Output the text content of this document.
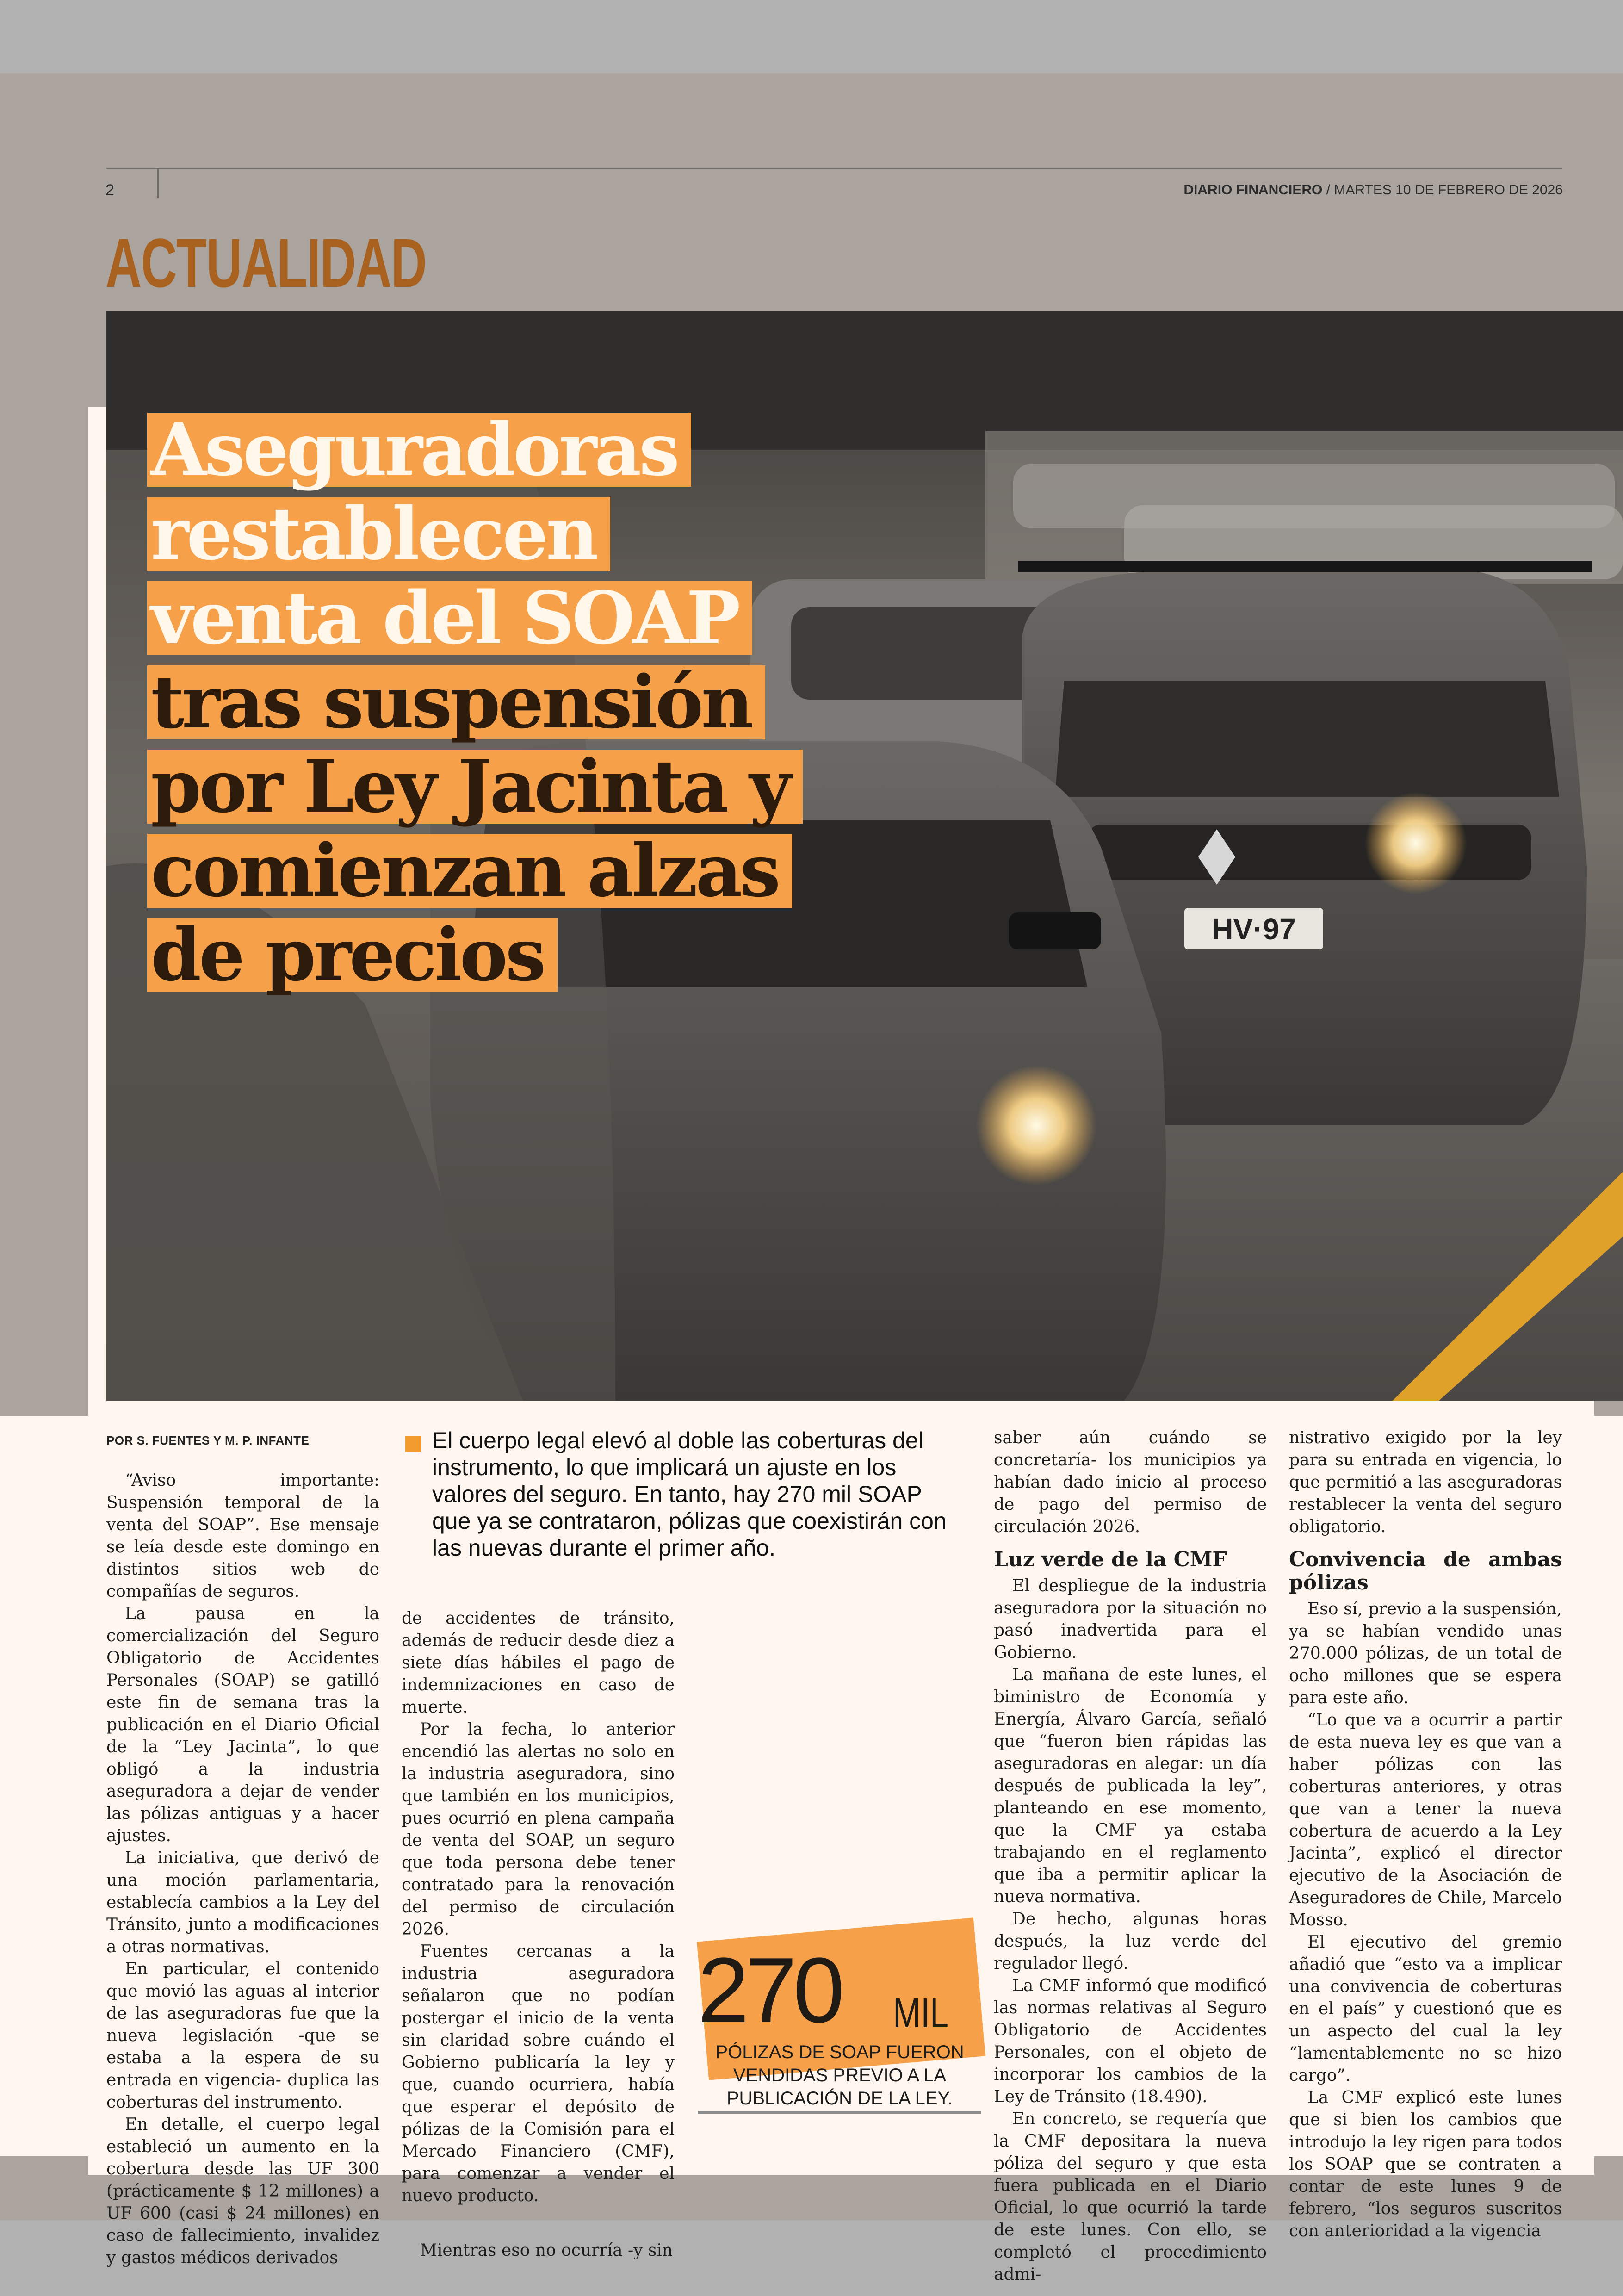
2	DIARIO FINANCIERO / MARTES 10 DE FEBRERO DE 2026
ACTUALIDAD
HV·97
Aseguradoras
restablecen
venta del SOAP
tras suspensión
por Ley Jacinta y
comienzan alzas
de precios
POR S. FUENTES Y M. P. INFANTE	El cuerpo legal elevó al doble las coberturas del instrumento, lo que implicará un ajuste en los valores del seguro. En tanto, hay 270 mil SOAP que ya se contrataron, pólizas que coexistirán con las nuevas durante el primer año.

“Aviso importante: Suspensión temporal de la venta del SOAP”. Ese mensaje se leía desde este domingo en distintos sitios web de compañías de seguros.

La pausa en la comercialización del Seguro Obligatorio de Accidentes Personales (SOAP) se gatilló este fin de semana tras la publicación en el Diario Oficial de la “Ley Jacinta”, lo que obligó a la industria aseguradora a dejar de vender las pólizas antiguas y a hacer ajustes.

La iniciativa, que derivó de una moción parlamentaria, establecía cambios a la Ley del Tránsito, junto a modificaciones a otras normativas.

En particular, el contenido que movió las aguas al interior de las aseguradoras fue que la nueva legislación -que se estaba a la espera de su entrada en vigencia- duplica las coberturas del instrumento.

En detalle, el cuerpo legal estableció un aumento en la cobertura desde las UF 300 (prácticamente $ 12 millones) a UF 600 (casi $ 24 millones) en caso de fallecimiento, invalidez y gastos médicos derivados

de accidentes de tránsito, además de reducir desde diez a siete días hábiles el pago de indemnizaciones en caso de muerte.

Por la fecha, lo anterior encendió las alertas no solo en la industria aseguradora, sino que también en los municipios, pues ocurrió en plena campaña de venta del SOAP, un seguro que toda persona debe tener contratado para la renovación del permiso de circulación 2026.

Fuentes cercanas a la industria aseguradora señalaron que no podían postergar el inicio de la venta sin claridad sobre cuándo el Gobierno publicaría la ley y que, cuando ocurriera, había que esperar el depósito de pólizas de la Comisión para el Mercado Financiero (CMF), para comenzar a vender el nuevo producto.

Mientras eso no ocurría -y sin

saber aún cuándo se concretaría- los municipios ya habían dado inicio al proceso de pago del permiso de circulación 2026.

Luz verde de la CMF

El despliegue de la industria aseguradora por la situación no pasó inadvertida para el Gobierno.

La mañana de este lunes, el biministro de Economía y Energía, Álvaro García, señaló que “fueron bien rápidas las aseguradoras en alegar: un día después de publicada la ley”, planteando en ese momento, que la CMF ya estaba trabajando en el reglamento que iba a permitir aplicar la nueva normativa.

De hecho, algunas horas después, la luz verde del regulador llegó.

La CMF informó que modificó las normas relativas al Seguro Obligatorio de Accidentes Personales, con el objeto de incorporar los cambios de la Ley de Tránsito (18.490).

En concreto, se requería que la CMF depositara la nueva póliza del seguro y que esta fuera publicada en el Diario Oficial, lo que ocurrió la tarde de este lunes. Con ello, se completó el procedimiento admi-

nistrativo exigido por la ley para su entrada en vigencia, lo que permitió a las aseguradoras restablecer la venta del seguro obligatorio.

Convivencia de ambas pólizas

Eso sí, previo a la suspensión, ya se habían vendido unas 270.000 pólizas, de un total de ocho millones que se espera para este año.

“Lo que va a ocurrir a partir de esta nueva ley es que van a haber pólizas con las coberturas anteriores, y otras que van a tener la nueva cobertura de acuerdo a la Ley Jacinta”, explicó el director ejecutivo de la Asociación de Aseguradores de Chile, Marcelo Mosso.

El ejecutivo del gremio añadió que “esto va a implicar una convivencia de coberturas en el país” y cuestionó que es un aspecto del cual la ley “lamentablemente no se hizo cargo”.

La CMF explicó este lunes que si bien los cambios que introdujo la ley rigen para todos los SOAP que se contraten a contar de este lunes 9 de febrero, “los seguros suscritos con anterioridad a la vigencia

270 MIL
PÓLIZAS DE SOAP FUERON VENDIDAS PREVIO A LA PUBLICACIÓN DE LA LEY.
